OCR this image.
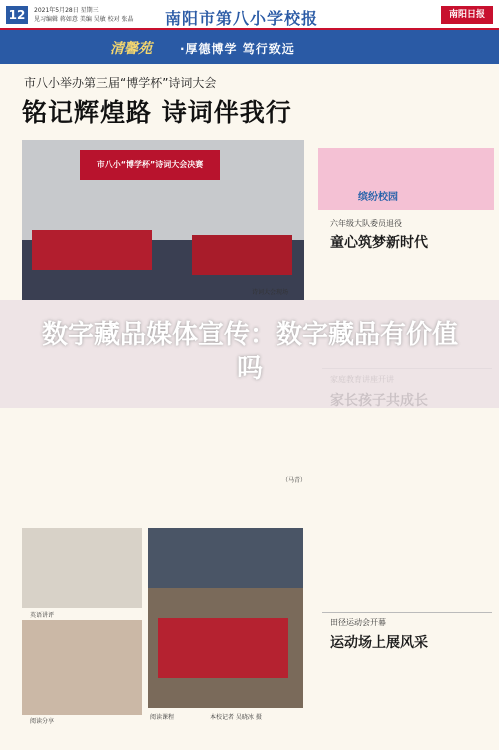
12	2021年5月28日 星期三
见习编辑 蒋如意 美编 吴敏 校对 张晶	南阳市第八小学校报	南阳日报
清馨苑 ·厚德博学 笃行致远
市八小举办第三届“博学杯”诗词大会
铭记辉煌路 诗词伴我行
诗词大会现场
市八小“博学杯”诗词大会决赛
（马青）
缤纷校园
六年级大队委员退役
童心筑梦新时代
田径运动会开幕
运动场上展风采
英语讲评
阅读分享
阅读课程	本校记者 吴晓冰 摄
数字藏品媒体宣传：数字藏品有价值吗
